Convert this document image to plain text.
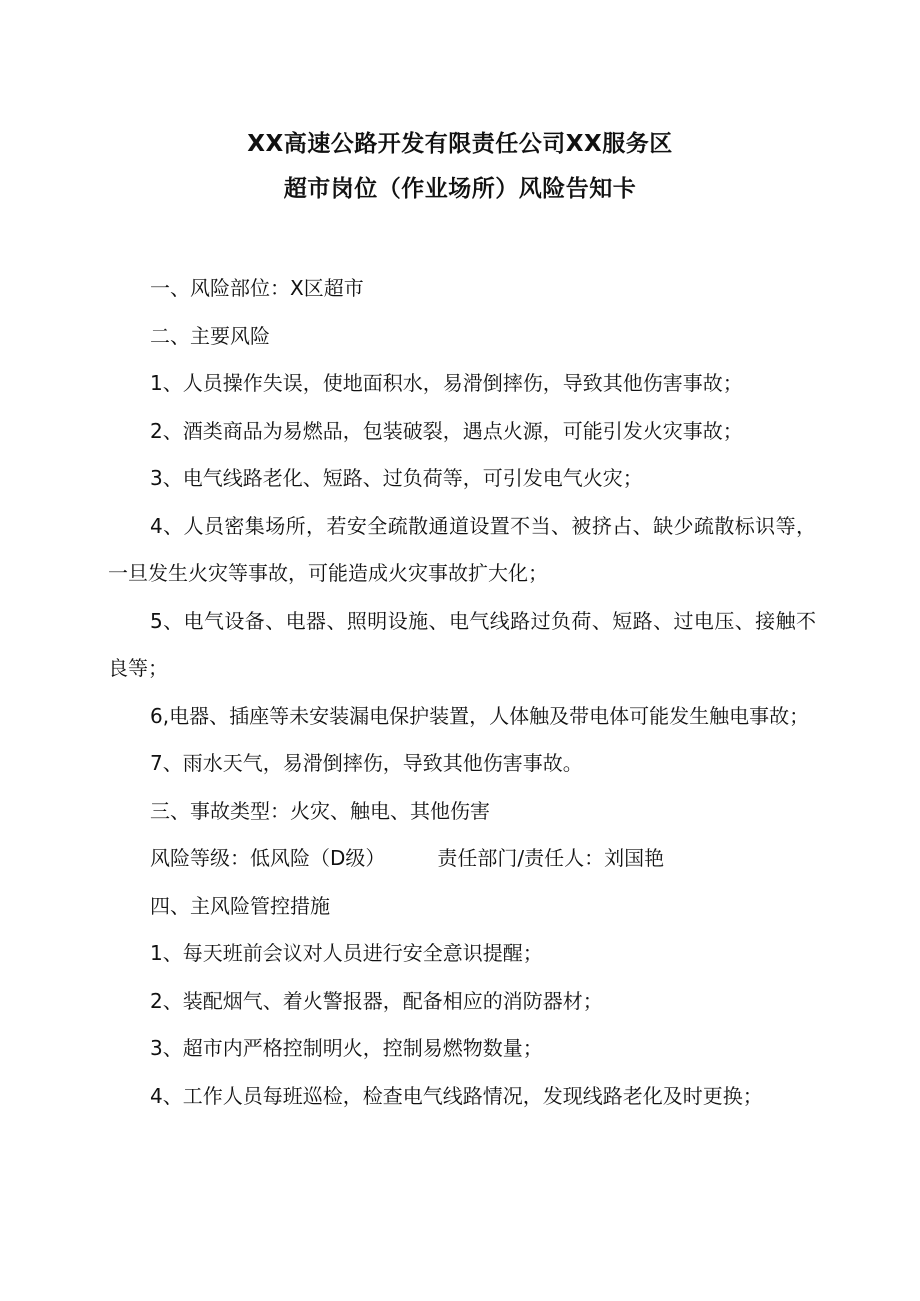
XX高速公路开发有限责任公司XX服务区
超市岗位（作业场所）风险告知卡

一、风险部位：X区超市

二、主要风险

1、人员操作失误，使地面积水，易滑倒摔伤，导致其他伤害事故；

2、酒类商品为易燃品，包装破裂，遇点火源，可能引发火灾事故；

3、电气线路老化、短路、过负荷等，可引发电气火灾；

4、人员密集场所，若安全疏散通道设置不当、被挤占、缺少疏散标识等，一旦发生火灾等事故，可能造成火灾事故扩大化；

5、电气设备、电器、照明设施、电气线路过负荷、短路、过电压、接触不良等；

6,电器、插座等未安装漏电保护装置，人体触及带电体可能发生触电事故；

7、雨水天气，易滑倒摔伤，导致其他伤害事故。

三、事故类型：火灾、触电、其他伤害

风险等级：低风险（D级）	责任部门/责任人：刘国艳

四、主风险管控措施

1、每天班前会议对人员进行安全意识提醒；

2、装配烟气、着火警报器，配备相应的消防器材；

3、超市内严格控制明火，控制易燃物数量；

4、工作人员每班巡检，检查电气线路情况，发现线路老化及时更换；
